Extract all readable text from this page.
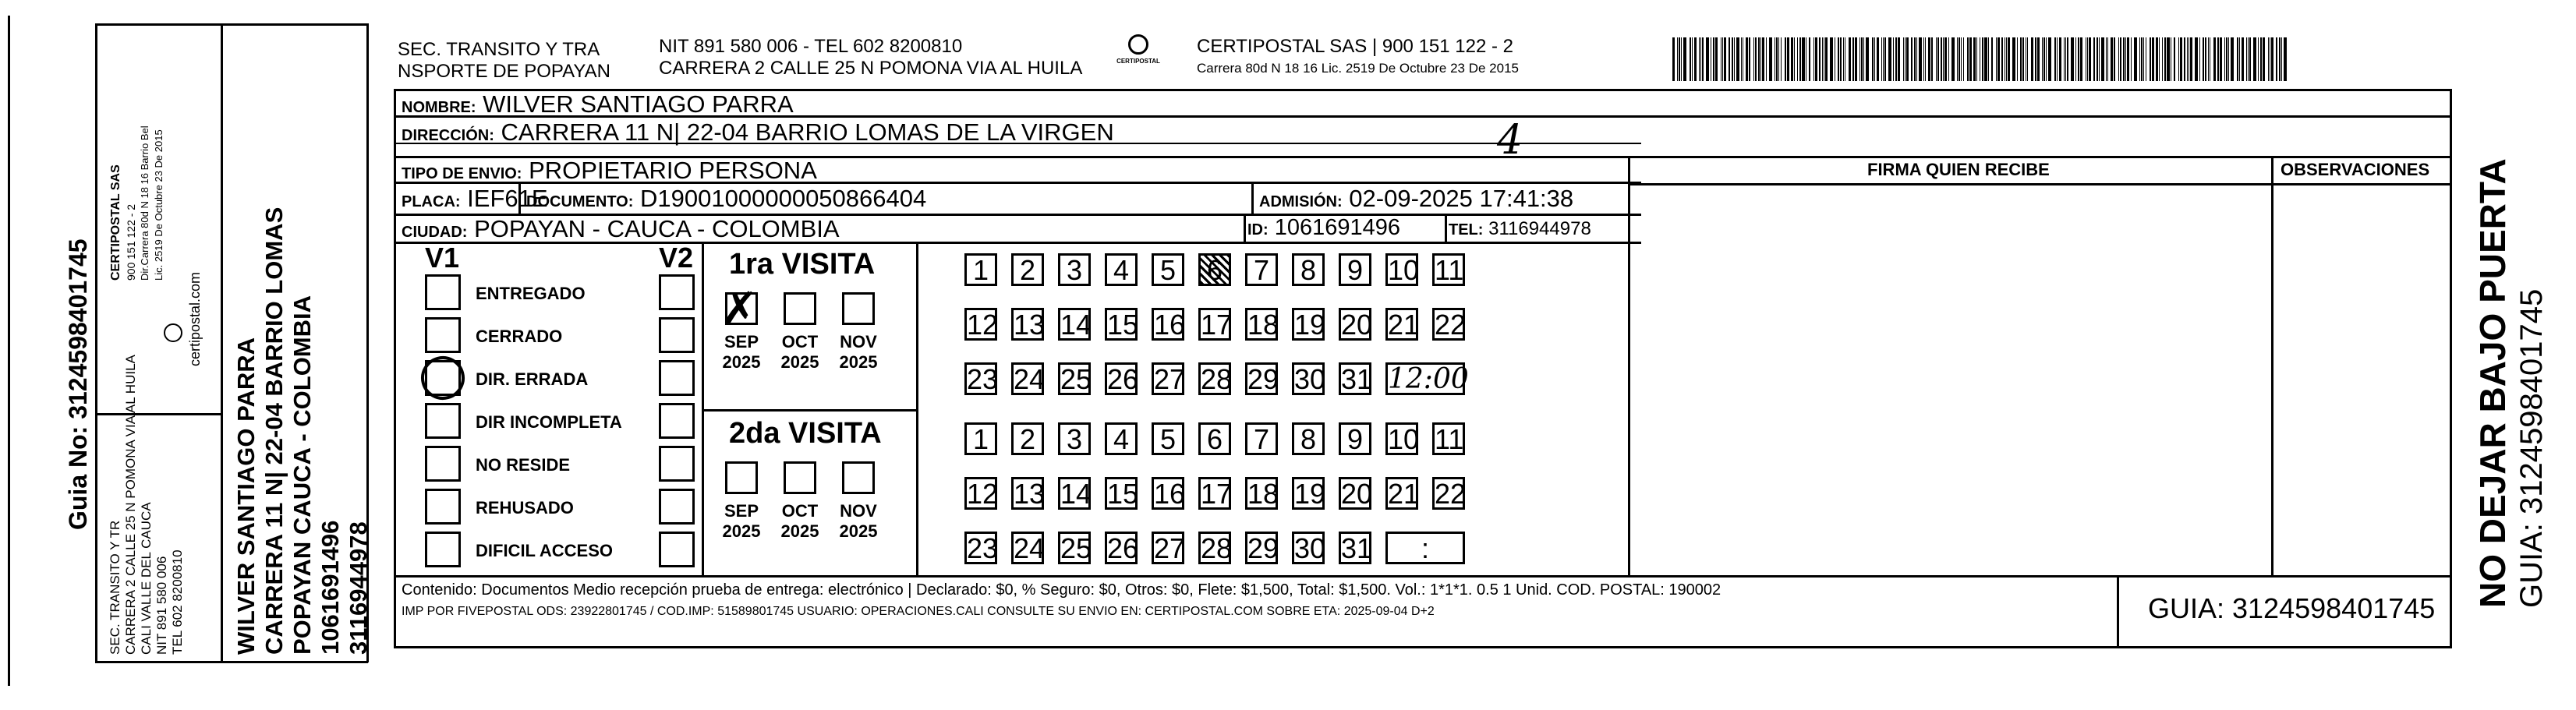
Guia No: 3124598401745
SEC. TRANSITO Y TR CARRERA 2 CALLE 25 N POMONA VIA AL HUILA CALI VALLE DEL CAUCA NIT 891 580 006 TEL 602 8200810
CERTIPOSTAL SAS 900 151 122 - 2 Dir.Carrera 80d N 18 16 Barrio Bel Lic. 2519 De Octubre 23 De 2015
certipostal.com
WILVER SANTIAGO PARRA CARRERA 11 N| 22-04 BARRIO LOMAS POPAYAN CAUCA - COLOMBIA 1061691496 3116944978
SEC. TRANSITO Y TRA
NSPORTE DE POPAYAN
NIT 891 580 006 - TEL 602 8200810
CARRERA 2 CALLE 25 N POMONA VIA AL HUILA	CERTIPOSTAL
CERTIPOSTAL SAS | 900 151 122 - 2
Carrera 80d N 18 16 Lic. 2519 De Octubre 23 De 2015
NOMBRE: WILVER SANTIAGO PARRA
DIRECCIÓN: CARRERA 11 N| 22-04 BARRIO LOMAS DE LA VIRGEN	4
TIPO DE ENVIO: PROPIETARIO PERSONA
PLACA: IEF61E
DOCUMENTO: D19001000000050866404	ADMISIÓN: 02-09-2025 17:41:38
CIUDAD: POPAYAN - CAUCA - COLOMBIA	ID: 1061691496	TEL: 3116944978
FIRMA QUIEN RECIBE	OBSERVACIONES
V1	V2
ENTREGADO
CERRADO
DIR. ERRADA
DIR INCOMPLETA
NO RESIDE
REHUSADO
DIFICIL ACCESO
1ra VISITA
2da VISITA
SEP
2025
✗
OCT
2025
NOV
2025
1	2	3	4	5	6	7	8	9 10 11
12 13 14 15 16 17 18 19 20 21 22
23 24 25 26 27 28 29 30 31 12:00
SEP
2025
OCT
2025
NOV
2025
1	2	3	4	5	6	7	8	9 10 11
12 13 14 15 16 17 18 19 20 21 22
23 24 25 26 27 28 29 30 31	:
Contenido: Documentos Medio recepción prueba de entrega: electrónico | Declarado: $0, % Seguro: $0, Otros: $0, Flete: $1,500, Total: $1,500. Vol.: 1*1*1. 0.5 1 Unid. COD. POSTAL: 190002
IMP POR FIVEPOSTAL ODS: 23922801745 / COD.IMP: 51589801745 USUARIO: OPERACIONES.CALI CONSULTE SU ENVIO EN: CERTIPOSTAL.COM SOBRE ETA: 2025-09-04 D+2	GUIA: 3124598401745
NO DEJAR BAJO PUERTA GUIA: 3124598401745
